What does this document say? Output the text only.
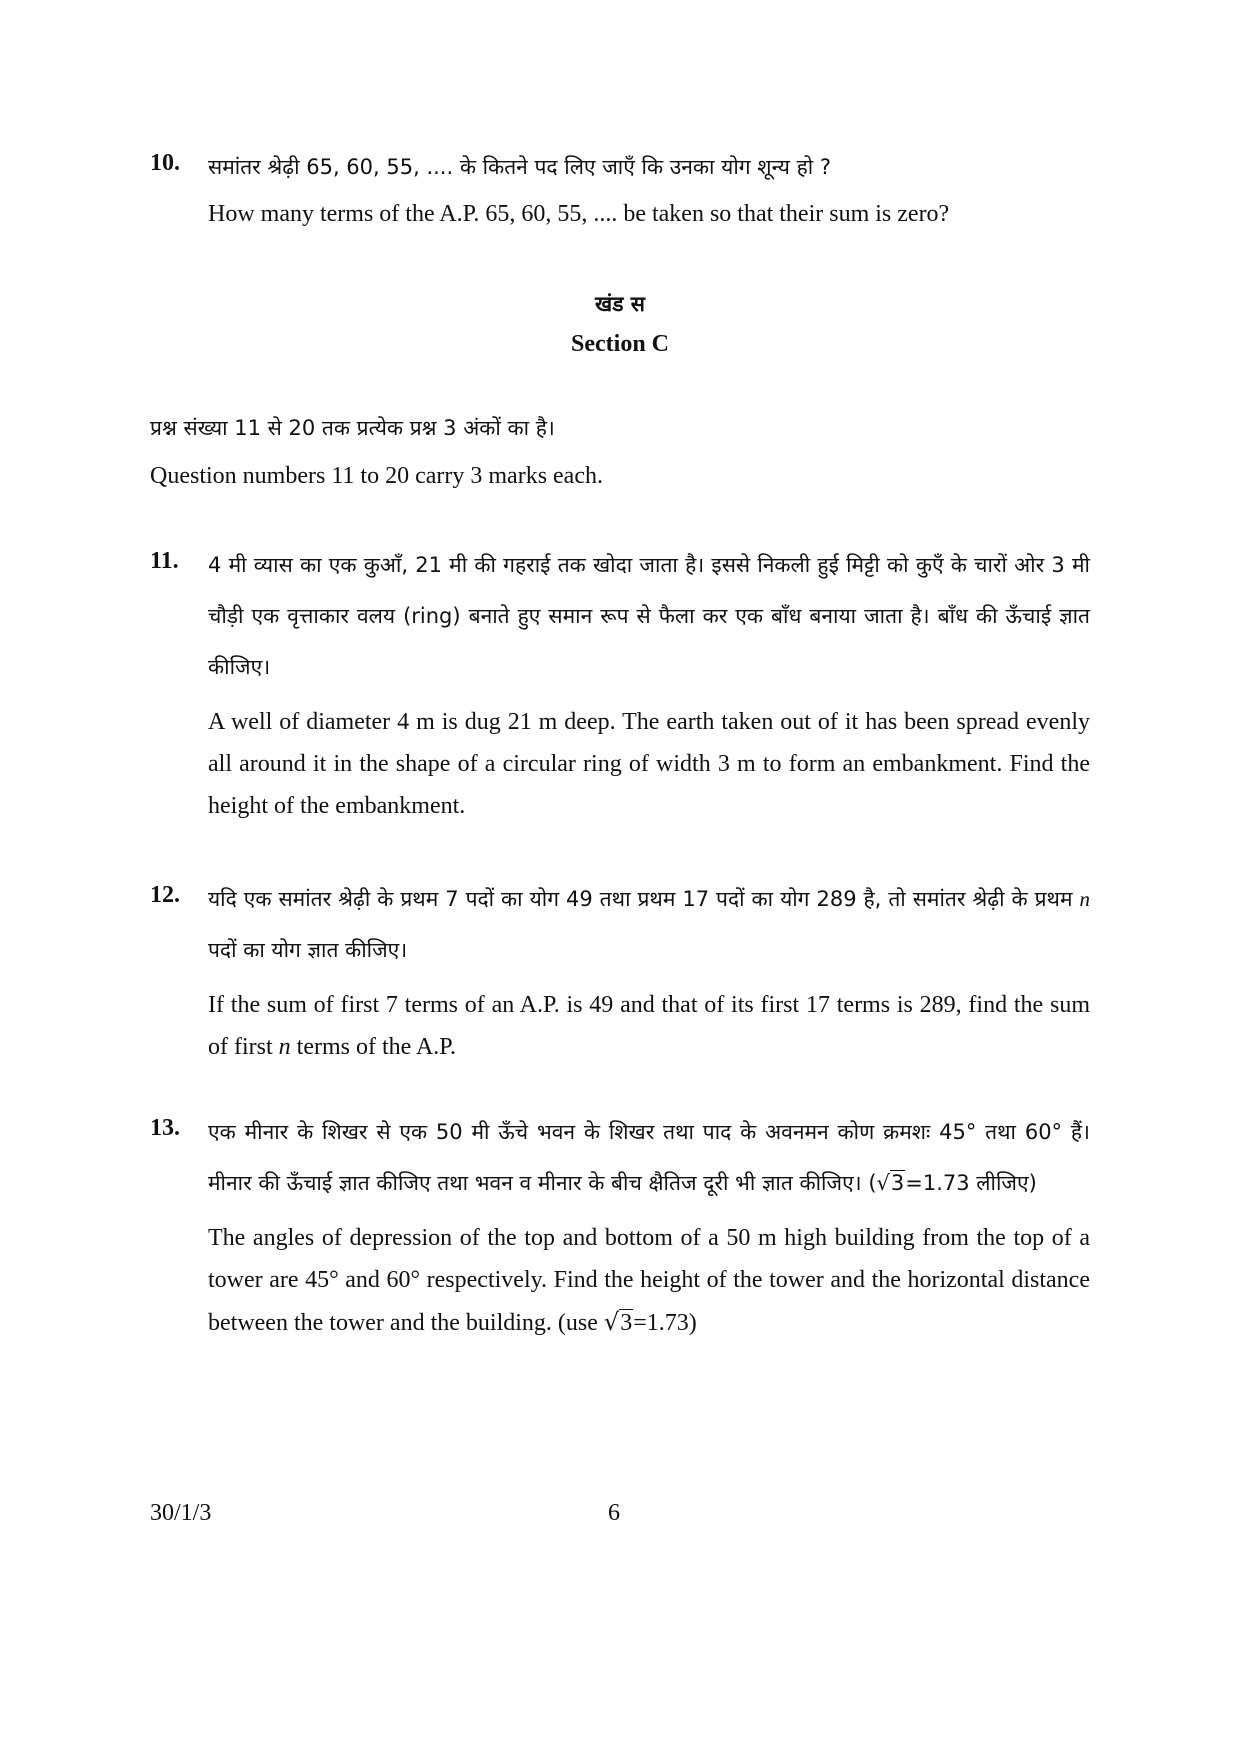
10. समांतर श्रेढ़ी 65, 60, 55, .... के कितने पद लिए जाएँ कि उनका योग शून्य हो ?

How many terms of the A.P. 65, 60, 55, .... be taken so that their sum is zero?

खंड स
Section C

प्रश्न संख्या 11 से 20 तक प्रत्येक प्रश्न 3 अंकों का है।

Question numbers 11 to 20 carry 3 marks each.

11. 4 मी व्यास का एक कुआँ, 21 मी की गहराई तक खोदा जाता है। इससे निकली हुई मिट्टी को कुएँ के चारों ओर 3 मी चौड़ी एक वृत्ताकार वलय (ring) बनाते हुए समान रूप से फैला कर एक बाँध बनाया जाता है। बाँध की ऊँचाई ज्ञात कीजिए।

A well of diameter 4 m is dug 21 m deep. The earth taken out of it has been spread evenly all around it in the shape of a circular ring of width 3 m to form an embankment. Find the height of the embankment.

12. यदि एक समांतर श्रेढ़ी के प्रथम 7 पदों का योग 49 तथा प्रथम 17 पदों का योग 289 है, तो समांतर श्रेढ़ी के प्रथम n पदों का योग ज्ञात कीजिए।

If the sum of first 7 terms of an A.P. is 49 and that of its first 17 terms is 289, find the sum of first n terms of the A.P.

13. एक मीनार के शिखर से एक 50 मी ऊँचे भवन के शिखर तथा पाद के अवनमन कोण क्रमशः 45° तथा 60° हैं। मीनार की ऊँचाई ज्ञात कीजिए तथा भवन व मीनार के बीच क्षैतिज दूरी भी ज्ञात कीजिए। (√3=1.73 लीजिए)

The angles of depression of the top and bottom of a 50 m high building from the top of a tower are 45° and 60° respectively. Find the height of the tower and the horizontal distance between the tower and the building. (use √3=1.73)

30/1/3	6
